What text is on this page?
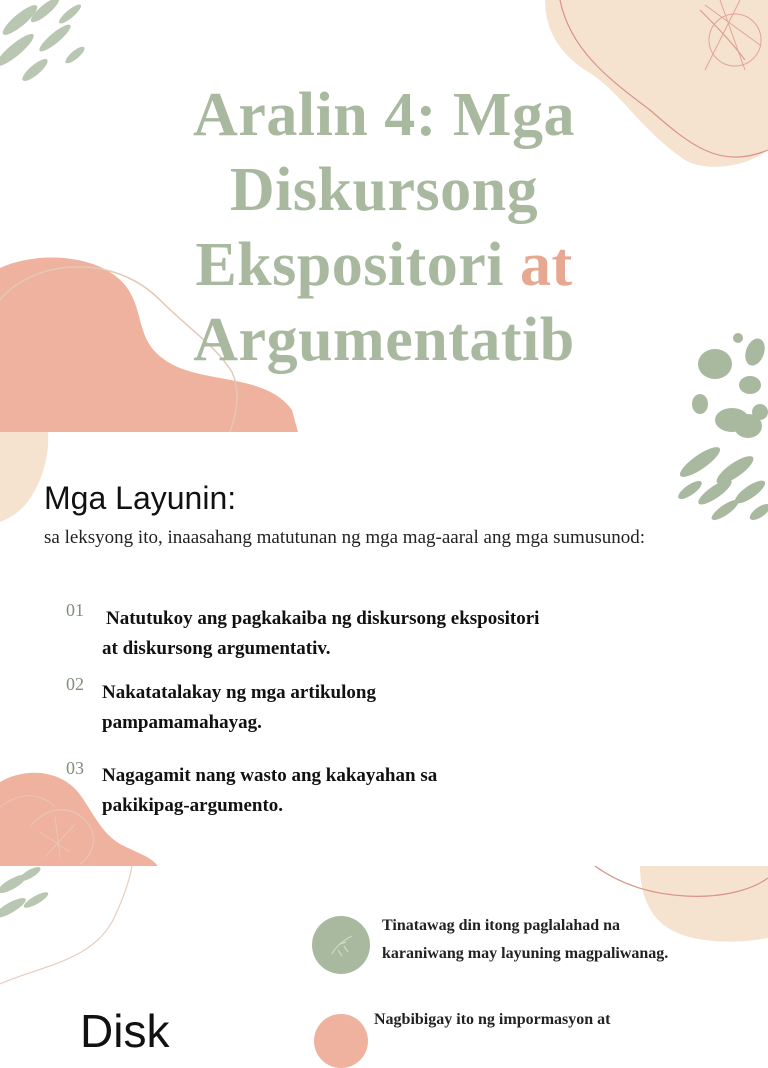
Aralin 4: Mga
Diskursong
Ekspositori at
Argumentatib
Mga Layunin:

sa leksyong ito, inaasahang matutunan ng mga mag-aaral ang mga sumusunod:

01 Natutukoy ang pagkakaiba ng diskursong ekspositori
at diskursong argumentativ.

02 Nakatatalakay ng mga artikulong
pampamamahayag.

03 Nagagamit nang wasto ang kakayahan sa
pakikipag-argumento.

Tinatawag din itong paglalahad na
karaniwang may layuning magpaliwanag.

Nagbibigay ito ng impormasyon at

Disk
